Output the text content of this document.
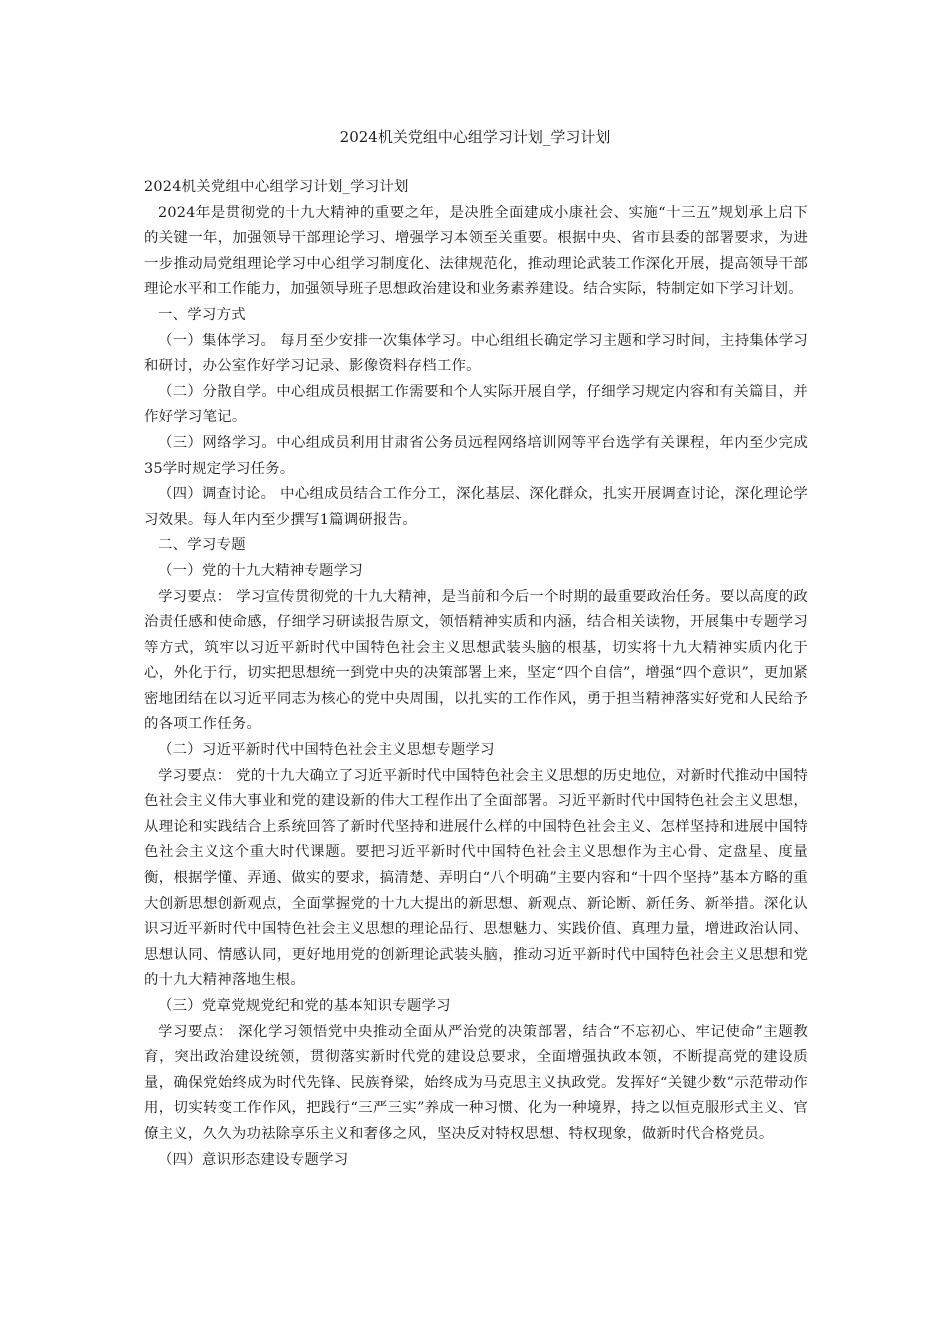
2024机关党组中心组学习计划_学习计划

2024机关党组中心组学习计划_学习计划

2024年是贯彻党的十九大精神的重要之年，是决胜全面建成小康社会、实施“十三五”规划承上启下的关键一年，加强领导干部理论学习、增强学习本领至关重要。根据中央、省市县委的部署要求，为进一步推动局党组理论学习中心组学习制度化、法律规范化，推动理论武装工作深化开展，提高领导干部理论水平和工作能力，加强领导班子思想政治建设和业务素养建设。结合实际，特制定如下学习计划。

一、学习方式

（一）集体学习。 每月至少安排一次集体学习。中心组组长确定学习主题和学习时间，主持集体学习和研讨，办公室作好学习记录、影像资料存档工作。

（二）分散自学。中心组成员根据工作需要和个人实际开展自学，仔细学习规定内容和有关篇目，并作好学习笔记。

（三）网络学习。中心组成员利用甘肃省公务员远程网络培训网等平台选学有关课程，年内至少完成35学时规定学习任务。

（四）调查讨论。 中心组成员结合工作分工，深化基层、深化群众，扎实开展调查讨论，深化理论学习效果。每人年内至少撰写1篇调研报告。

二、学习专题

（一）党的十九大精神专题学习

学习要点： 学习宣传贯彻党的十九大精神，是当前和今后一个时期的最重要政治任务。要以高度的政治责任感和使命感，仔细学习研读报告原文，领悟精神实质和内涵，结合相关读物，开展集中专题学习等方式，筑牢以习近平新时代中国特色社会主义思想武装头脑的根基，切实将十九大精神实质内化于心，外化于行，切实把思想统一到党中央的决策部署上来，坚定“四个自信”，增强“四个意识”，更加紧密地团结在以习近平同志为核心的党中央周围，以扎实的工作作风，勇于担当精神落实好党和人民给予的各项工作任务。

（二）习近平新时代中国特色社会主义思想专题学习

学习要点： 党的十九大确立了习近平新时代中国特色社会主义思想的历史地位，对新时代推动中国特色社会主义伟大事业和党的建设新的伟大工程作出了全面部署。习近平新时代中国特色社会主义思想，从理论和实践结合上系统回答了新时代坚持和进展什么样的中国特色社会主义、怎样坚持和进展中国特色社会主义这个重大时代课题。要把习近平新时代中国特色社会主义思想作为主心骨、定盘星、度量衡，根据学懂、弄通、做实的要求，搞清楚、弄明白“八个明确”主要内容和“十四个坚持”基本方略的重大创新思想创新观点，全面掌握党的十九大提出的新思想、新观点、新论断、新任务、新举措。深化认识习近平新时代中国特色社会主义思想的理论品行、思想魅力、实践价值、真理力量，增进政治认同、思想认同、情感认同，更好地用党的创新理论武装头脑，推动习近平新时代中国特色社会主义思想和党的十九大精神落地生根。

（三）党章党规党纪和党的基本知识专题学习

学习要点： 深化学习领悟党中央推动全面从严治党的决策部署，结合“不忘初心、牢记使命”主题教育，突出政治建设统领，贯彻落实新时代党的建设总要求，全面增强执政本领，不断提高党的建设质量，确保党始终成为时代先锋、民族脊梁，始终成为马克思主义执政党。发挥好“关键少数”示范带动作用，切实转变工作作风，把践行“三严三实”养成一种习惯、化为一种境界，持之以恒克服形式主义、官僚主义，久久为功祛除享乐主义和奢侈之风，坚决反对特权思想、特权现象，做新时代合格党员。

（四）意识形态建设专题学习
